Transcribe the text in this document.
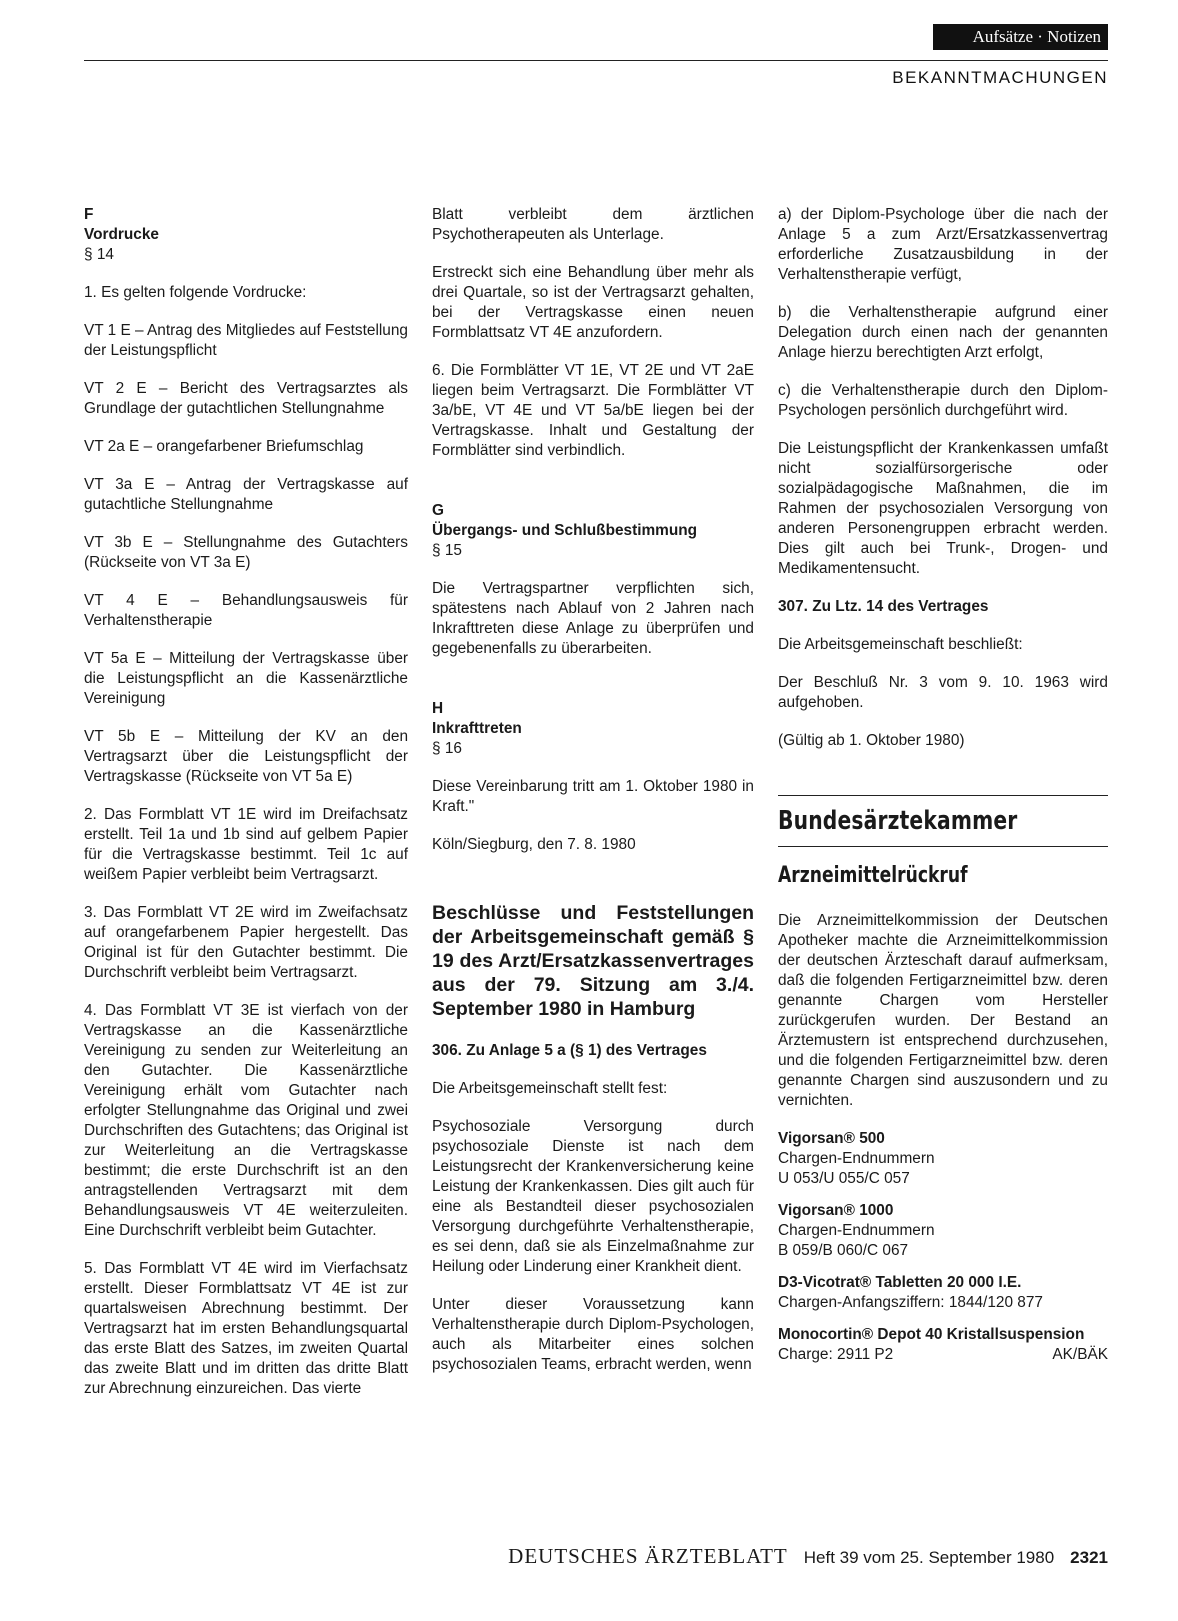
Aufsätze · Notizen
BEKANNTMACHUNGEN
F
Vordrucke
§ 14

1. Es gelten folgende Vordrucke:

VT 1 E – Antrag des Mitgliedes auf Feststellung der Leistungspflicht

VT 2 E – Bericht des Vertragsarztes als Grundlage der gutachtlichen Stellungnahme

VT 2a E – orangefarbener Briefumschlag

VT 3a E – Antrag der Vertragskasse auf gutachtliche Stellungnahme

VT 3b E – Stellungnahme des Gutachters (Rückseite von VT 3a E)

VT 4 E – Behandlungsausweis für Verhaltenstherapie

VT 5a E – Mitteilung der Vertragskasse über die Leistungspflicht an die Kassenärztliche Vereinigung

VT 5b E – Mitteilung der KV an den Vertragsarzt über die Leistungspflicht der Vertragskasse (Rückseite von VT 5a E)

2. Das Formblatt VT 1E wird im Dreifachsatz erstellt. Teil 1a und 1b sind auf gelbem Papier für die Vertragskasse bestimmt. Teil 1c auf weißem Papier verbleibt beim Vertragsarzt.

3. Das Formblatt VT 2E wird im Zweifachsatz auf orangefarbenem Papier hergestellt. Das Original ist für den Gutachter bestimmt. Die Durchschrift verbleibt beim Vertragsarzt.

4. Das Formblatt VT 3E ist vierfach von der Vertragskasse an die Kassenärztliche Vereinigung zu senden zur Weiterleitung an den Gutachter. Die Kassenärztliche Vereinigung erhält vom Gutachter nach erfolgter Stellungnahme das Original und zwei Durchschriften des Gutachtens; das Original ist zur Weiterleitung an die Vertragskasse bestimmt; die erste Durchschrift ist an den antragstellenden Vertragsarzt mit dem Behandlungsausweis VT 4E weiterzuleiten. Eine Durchschrift verbleibt beim Gutachter.

5. Das Formblatt VT 4E wird im Vierfachsatz erstellt. Dieser Formblattsatz VT 4E ist zur quartalsweisen Abrechnung bestimmt. Der Vertragsarzt hat im ersten Behandlungsquartal das erste Blatt des Satzes, im zweiten Quartal das zweite Blatt und im dritten das dritte Blatt zur Abrechnung einzureichen. Das vierte

Blatt verbleibt dem ärztlichen Psychotherapeuten als Unterlage.

Erstreckt sich eine Behandlung über mehr als drei Quartale, so ist der Vertragsarzt gehalten, bei der Vertragskasse einen neuen Formblattsatz VT 4E anzufordern.

6. Die Formblätter VT 1E, VT 2E und VT 2aE liegen beim Vertragsarzt. Die Formblätter VT 3a/bE, VT 4E und VT 5a/bE liegen bei der Vertragskasse. Inhalt und Gestaltung der Formblätter sind verbindlich.

G
Übergangs- und Schlußbestimmung
§ 15

Die Vertragspartner verpflichten sich, spätestens nach Ablauf von 2 Jahren nach Inkrafttreten diese Anlage zu überprüfen und gegebenenfalls zu überarbeiten.

H
Inkrafttreten
§ 16

Diese Vereinbarung tritt am 1. Oktober 1980 in Kraft."

Köln/Siegburg, den 7. 8. 1980

Beschlüsse und Feststellungen der Arbeitsgemeinschaft gemäß § 19 des Arzt/Ersatzkassenvertrages aus der 79. Sitzung am 3./4. September 1980 in Hamburg
306. Zu Anlage 5 a (§ 1) des Vertrages

Die Arbeitsgemeinschaft stellt fest:

Psychosoziale Versorgung durch psychosoziale Dienste ist nach dem Leistungsrecht der Krankenversicherung keine Leistung der Krankenkassen. Dies gilt auch für eine als Bestandteil dieser psychosozialen Versorgung durchgeführte Verhaltenstherapie, es sei denn, daß sie als Einzelmaßnahme zur Heilung oder Linderung einer Krankheit dient.

Unter dieser Voraussetzung kann Verhaltenstherapie durch Diplom-Psychologen, auch als Mitarbeiter eines solchen psychosozialen Teams, erbracht werden, wenn

a) der Diplom-Psychologe über die nach der Anlage 5 a zum Arzt/Ersatzkassenvertrag erforderliche Zusatzausbildung in der Verhaltenstherapie verfügt,

b) die Verhaltenstherapie aufgrund einer Delegation durch einen nach der genannten Anlage hierzu berechtigten Arzt erfolgt,

c) die Verhaltenstherapie durch den Diplom-Psychologen persönlich durchgeführt wird.

Die Leistungspflicht der Krankenkassen umfaßt nicht sozialfürsorgerische oder sozialpädagogische Maßnahmen, die im Rahmen der psychosozialen Versorgung von anderen Personengruppen erbracht werden. Dies gilt auch bei Trunk-, Drogen- und Medikamentensucht.

307. Zu Ltz. 14 des Vertrages

Die Arbeitsgemeinschaft beschließt:

Der Beschluß Nr. 3 vom 9. 10. 1963 wird aufgehoben.

(Gültig ab 1. Oktober 1980)

Bundesärztekammer
Arzneimittelrückruf

Die Arzneimittelkommission der Deutschen Apotheker machte die Arzneimittelkommission der deutschen Ärzteschaft darauf aufmerksam, daß die folgenden Fertigarzneimittel bzw. deren genannte Chargen vom Hersteller zurückgerufen wurden. Der Bestand an Ärztemustern ist entsprechend durchzusehen, und die folgenden Fertigarzneimittel bzw. deren genannte Chargen sind auszusondern und zu vernichten.

Vigorsan® 500
Chargen-Endnummern
U 053/U 055/C 057
Vigorsan® 1000
Chargen-Endnummern
B 059/B 060/C 067
D3-Vicotrat® Tabletten 20 000 I.E.
Chargen-Anfangsziffern: 1844/120 877
Monocortin® Depot 40 Kristallsuspension
Charge: 2911 P2	AK/BÄK
DEUTSCHES ÄRZTEBLATT Heft 39 vom 25. September 1980 2321
